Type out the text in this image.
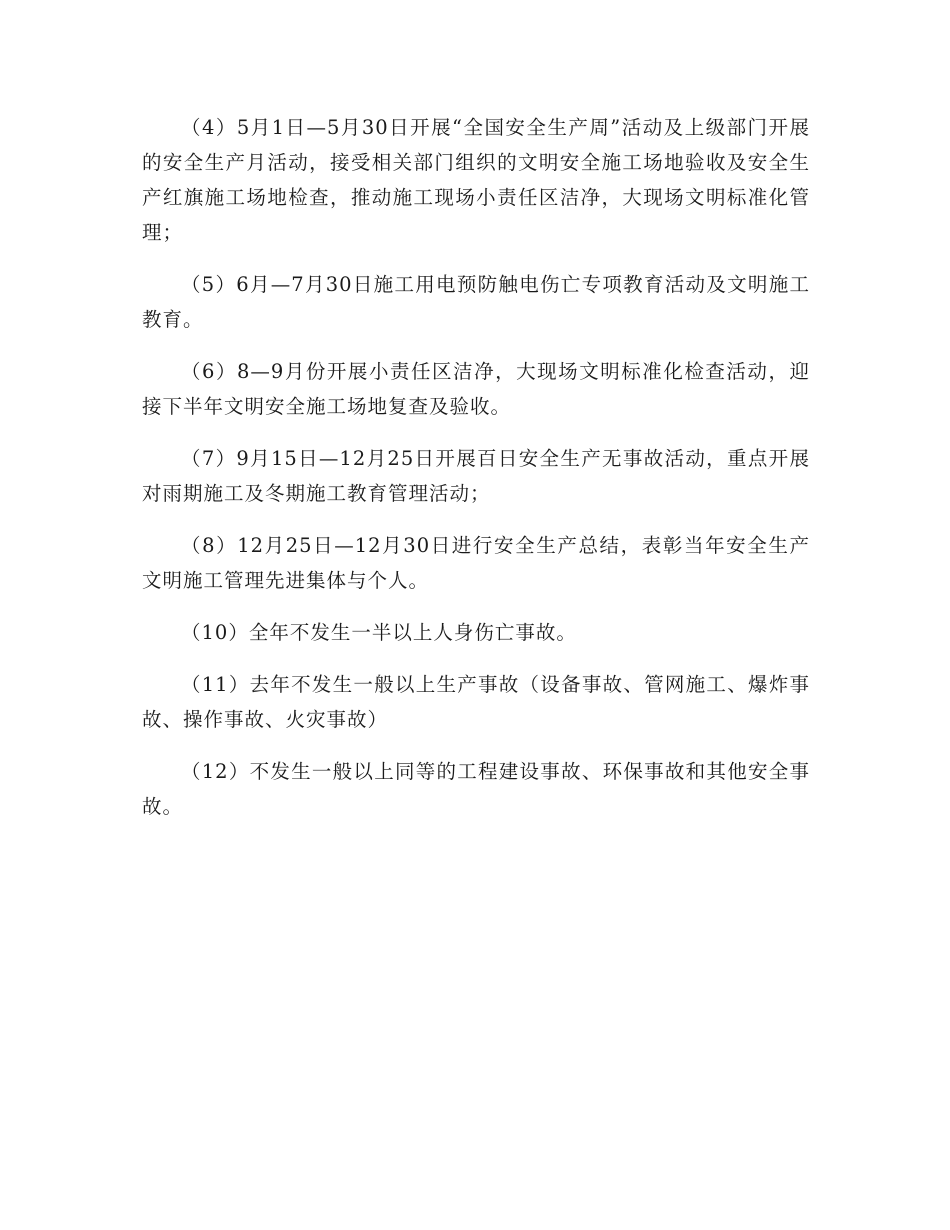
（4）5月1日—5月30日开展“全国安全生产周”活动及上级部门开展的安全生产月活动，接受相关部门组织的文明安全施工场地验收及安全生产红旗施工场地检查，推动施工现场小责任区洁净，大现场文明标准化管理；

（5）6月—7月30日施工用电预防触电伤亡专项教育活动及文明施工教育。

（6）8—9月份开展小责任区洁净，大现场文明标准化检查活动，迎接下半年文明安全施工场地复查及验收。

（7）9月15日—12月25日开展百日安全生产无事故活动，重点开展对雨期施工及冬期施工教育管理活动；

（8）12月25日—12月30日进行安全生产总结，表彰当年安全生产文明施工管理先进集体与个人。

（10）全年不发生一半以上人身伤亡事故。

（11）去年不发生一般以上生产事故（设备事故、管网施工、爆炸事故、操作事故、火灾事故）

（12）不发生一般以上同等的工程建设事故、环保事故和其他安全事故。
